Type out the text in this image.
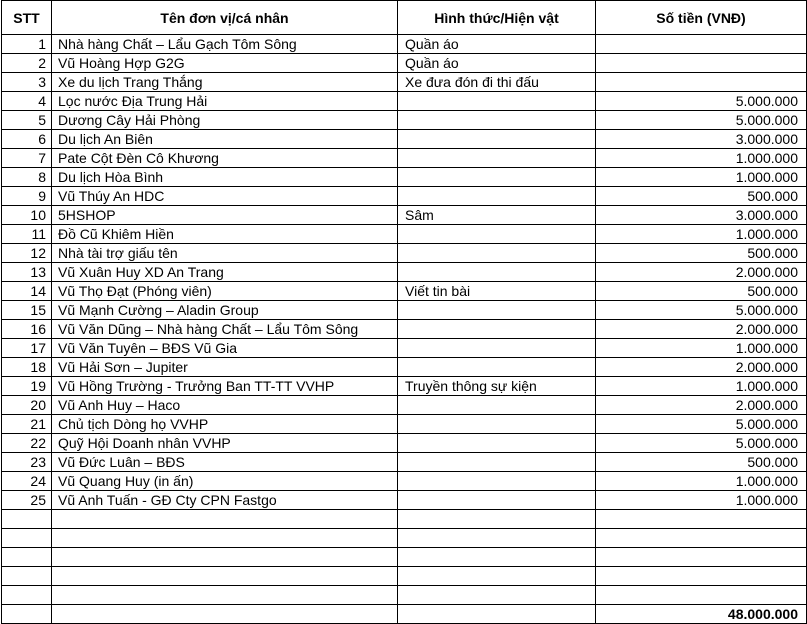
STT	Tên đơn vị/cá nhân	Hình thức/Hiện vật	Số tiền (VNĐ)
1	Nhà hàng Chất – Lẩu Gạch Tôm Sông	Quần áo	
2	Vũ Hoàng Hợp G2G	Quần áo	
3	Xe du lịch Trang Thắng	Xe đưa đón đi thi đấu	
4	Lọc nước Địa Trung Hải		5.000.000
5	Dương Cây Hải Phòng		5.000.000
6	Du lịch An Biên		3.000.000
7	Pate Cột Đèn Cô Khương		1.000.000
8	Du lịch Hòa Bình		1.000.000
9	Vũ Thúy An HDC		500.000
10	5HSHOP	Sâm	3.000.000
11	Đồ Cũ Khiêm Hiền		1.000.000
12	Nhà tài trợ giấu tên		500.000
13	Vũ Xuân Huy XD An Trang		2.000.000
14	Vũ Thọ Đạt (Phóng viên)	Viết tin bài	500.000
15	Vũ Mạnh Cường – Aladin Group		5.000.000
16	Vũ Văn Dũng – Nhà hàng Chất – Lẩu Tôm Sông		2.000.000
17	Vũ Văn Tuyên – BĐS Vũ Gia		1.000.000
18	Vũ Hải Sơn – Jupiter		2.000.000
19	Vũ Hồng Trường - Trưởng Ban TT-TT VVHP	Truyền thông sự kiện	1.000.000
20	Vũ Anh Huy – Haco		2.000.000
21	Chủ tịch Dòng họ VVHP		5.000.000
22	Quỹ Hội Doanh nhân VVHP		5.000.000
23	Vũ Đức Luân – BĐS		500.000
24	Vũ Quang Huy (in ấn)		1.000.000
25	Vũ Anh Tuấn - GĐ Cty CPN Fastgo		1.000.000

			48.000.000
